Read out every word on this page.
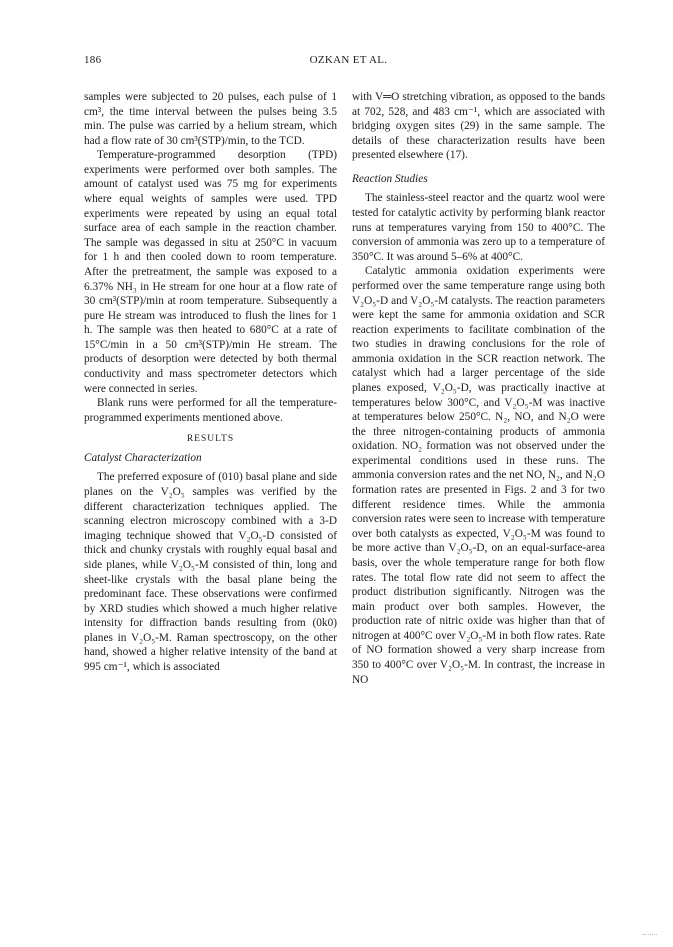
186	OZKAN ET AL.

samples were subjected to 20 pulses, each pulse of 1 cm³, the time interval between the pulses being 3.5 min. The pulse was carried by a helium stream, which had a flow rate of 30 cm³(STP)/min, to the TCD.

Temperature-programmed desorption (TPD) experiments were performed over both samples. The amount of catalyst used was 75 mg for experiments where equal weights of samples were used. TPD experiments were repeated by using an equal total surface area of each sample in the reaction chamber. The sample was degassed in situ at 250°C in vacuum for 1 h and then cooled down to room temperature. After the pretreatment, the sample was exposed to a 6.37% NH₃ in He stream for one hour at a flow rate of 30 cm³(STP)/min at room temperature. Subsequently a pure He stream was introduced to flush the lines for 1 h. The sample was then heated to 680°C at a rate of 15°C/min in a 50 cm³(STP)/min He stream. The products of desorption were detected by both thermal conductivity and mass spectrometer detectors which were connected in series.

Blank runs were performed for all the temperature-programmed experiments mentioned above.

RESULTS
Catalyst Characterization

The preferred exposure of (010) basal plane and side planes on the V₂O₅ samples was verified by the different characterization techniques applied. The scanning electron microscopy combined with a 3-D imaging technique showed that V₂O₅-D consisted of thick and chunky crystals with roughly equal basal and side planes, while V₂O₅-M consisted of thin, long and sheet-like crystals with the basal plane being the predominant face. These observations were confirmed by XRD studies which showed a much higher relative intensity for diffraction bands resulting from (0k0) planes in V₂O₅-M. Raman spectroscopy, on the other hand, showed a higher relative intensity of the band at 995 cm⁻¹, which is associated

with V═O stretching vibration, as opposed to the bands at 702, 528, and 483 cm⁻¹, which are associated with bridging oxygen sites (29) in the same sample. The details of these characterization results have been presented elsewhere (17).

Reaction Studies

The stainless-steel reactor and the quartz wool were tested for catalytic activity by performing blank reactor runs at temperatures varying from 150 to 400°C. The conversion of ammonia was zero up to a temperature of 350°C. It was around 5–6% at 400°C.

Catalytic ammonia oxidation experiments were performed over the same temperature range using both V₂O₅-D and V₂O₅-M catalysts. The reaction parameters were kept the same for ammonia oxidation and SCR reaction experiments to facilitate combination of the two studies in drawing conclusions for the role of ammonia oxidation in the SCR reaction network. The catalyst which had a larger percentage of the side planes exposed, V₂O₅-D, was practically inactive at temperatures below 300°C, and V₂O₅-M was inactive at temperatures below 250°C. N₂, NO, and N₂O were the three nitrogen-containing products of ammonia oxidation. NO₂ formation was not observed under the experimental conditions used in these runs. The ammonia conversion rates and the net NO, N₂, and N₂O formation rates are presented in Figs. 2 and 3 for two different residence times. While the ammonia conversion rates were seen to increase with temperature over both catalysts as expected, V₂O₅-M was found to be more active than V₂O₅-D, on an equal-surface-area basis, over the whole temperature range for both flow rates. The total flow rate did not seem to affect the product distribution significantly. Nitrogen was the main product over both samples. However, the production rate of nitric oxide was higher than that of nitrogen at 400°C over V₂O₅-M in both flow rates. Rate of NO formation showed a very sharp increase from 350 to 400°C over V₂O₅-M. In contrast, the increase in NO
